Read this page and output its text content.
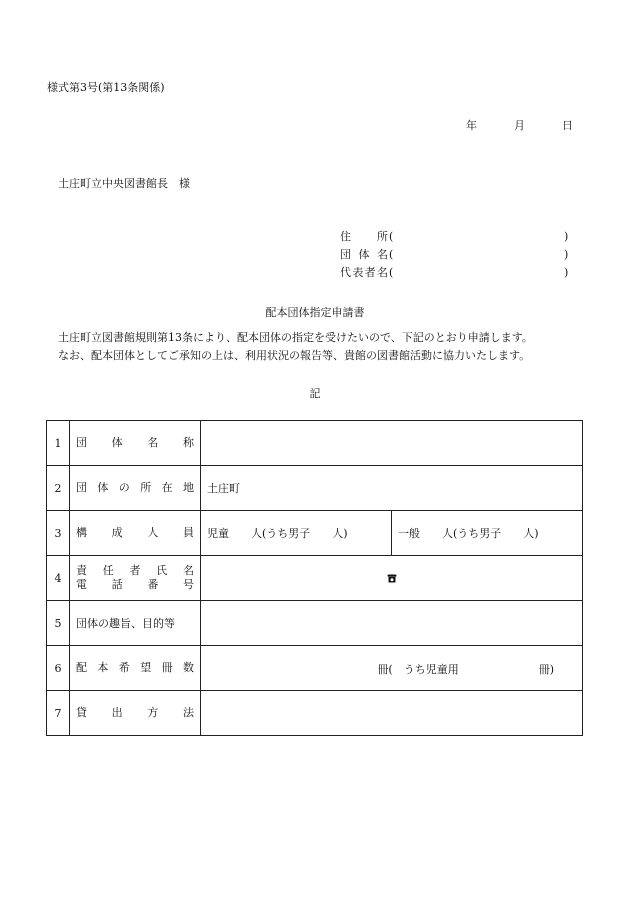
様式第3号(第13条関係)
年	月	日
土庄町立中央図書館長　様
住　所 (	)
団体名 (	)
代表者名 (	)
配本団体指定申請書
土庄町立図書館規則第13条により、配本団体の指定を受けたいので、下記のとおり申請します。
なお、配本団体としてご承知の上は、利用状況の報告等、貴館の図書館活動に協力いたします。
記
1	団体名称	

2	団体の所在地	土庄町
3	構成人員	児童　　人(うち男子　　人) 一般　　人(うち男子　　人)

4	責任者氏名
電話番号

5	団体の趣旨、目的等	
6	配本希望冊数	冊(　うち児童用 冊)

7	貸出方法	
